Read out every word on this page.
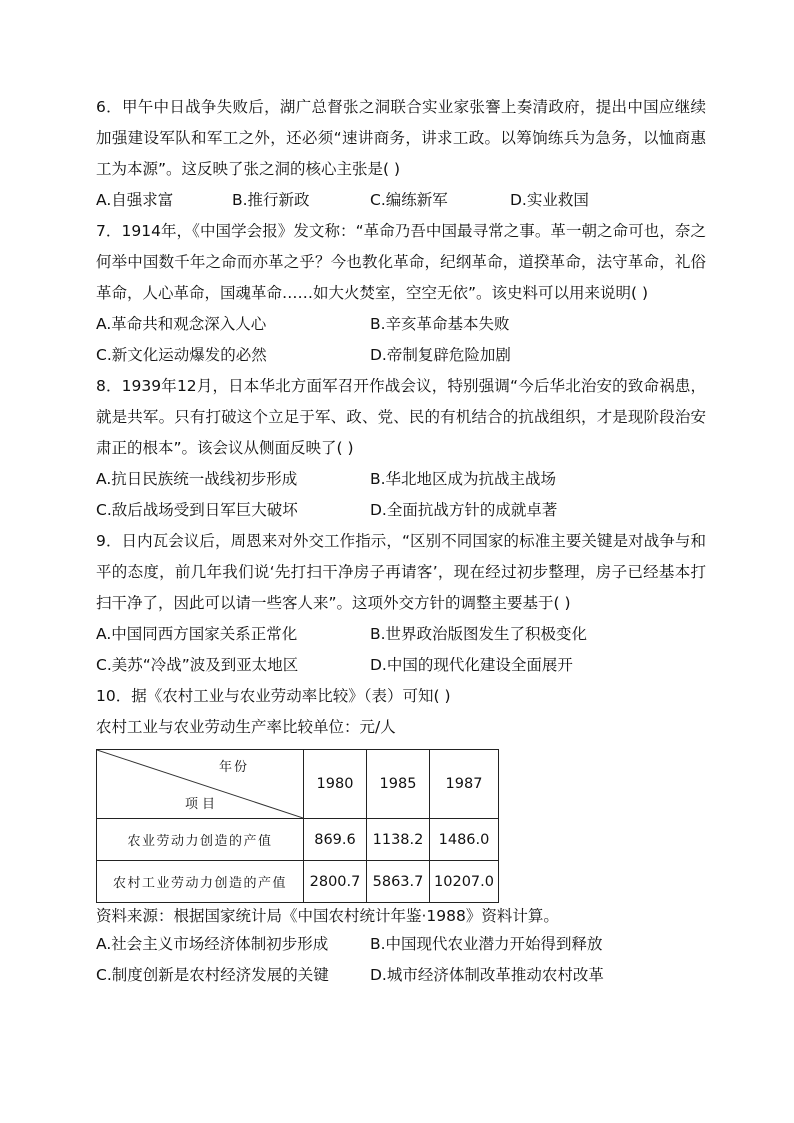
6．甲午中日战争失败后，湖广总督张之洞联合实业家张謇上奏清政府，提出中国应继续加强建设军队和军工之外，还必须“速讲商务，讲求工政。以筹饷练兵为急务，以恤商惠工为本源”。这反映了张之洞的核心主张是( )

A.自强求富	B.推行新政	C.编练新军	D.实业救国

7．1914年，《中国学会报》发文称：“革命乃吾中国最寻常之事。革一朝之命可也，奈之何举中国数千年之命而亦革之乎？今也教化革命，纪纲革命，道揆革命，法守革命，礼俗革命，人心革命，国魂革命……如大火焚室，空空无依”。该史料可以用来说明( )

A.革命共和观念深入人心	B.辛亥革命基本失败
C.新文化运动爆发的必然	D.帝制复辟危险加剧

8．1939年12月，日本华北方面军召开作战会议，特别强调“今后华北治安的致命祸患，就是共军。只有打破这个立足于军、政、党、民的有机结合的抗战组织，才是现阶段治安肃正的根本”。该会议从侧面反映了( )

A.抗日民族统一战线初步形成	B.华北地区成为抗战主战场
C.敌后战场受到日军巨大破坏	D.全面抗战方针的成就卓著

9．日内瓦会议后，周恩来对外交工作指示，“区别不同国家的标准主要关键是对战争与和平的态度，前几年我们说‘先打扫干净房子再请客’，现在经过初步整理，房子已经基本打扫干净了，因此可以请一些客人来”。这项外交方针的调整主要基于( )

A.中国同西方国家关系正常化	B.世界政治版图发生了积极变化
C.美苏“冷战”波及到亚太地区	D.中国的现代化建设全面展开

10．据《农村工业与农业劳动率比较》（表）可知( )

农村工业与农业劳动生产率比较单位：元/人

年份
项目	1980	1985	1987
农业劳动力创造的产值	869.6	1138.2	1486.0
农村工业劳动力创造的产值	2800.7	5863.7	10207.0

资料来源：根据国家统计局《中国农村统计年鉴·1988》资料计算。

A.社会主义市场经济体制初步形成	B.中国现代农业潜力开始得到释放
C.制度创新是农村经济发展的关键	D.城市经济体制改革推动农村改革
